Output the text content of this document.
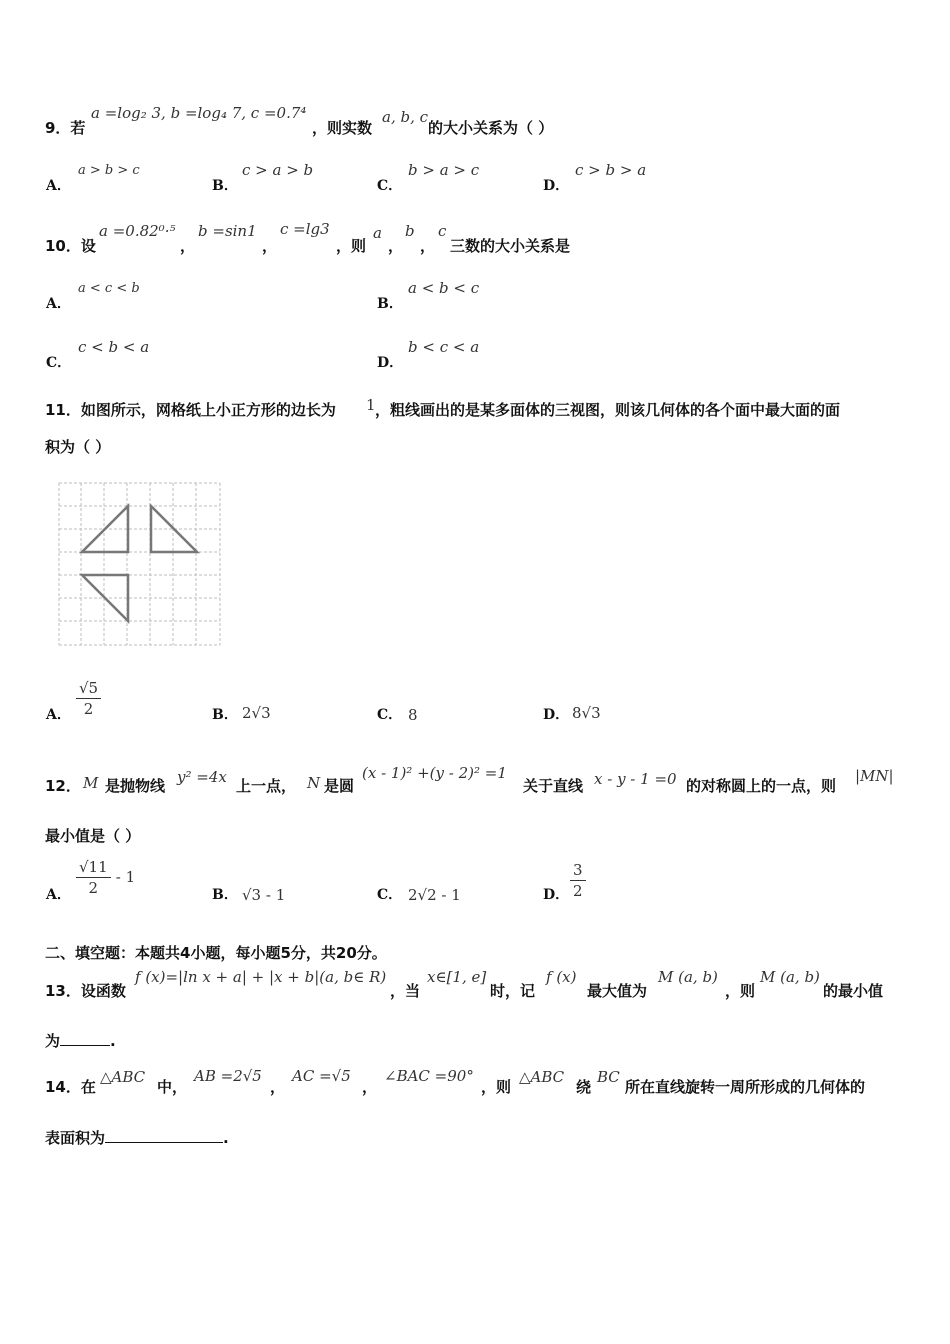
9．若
a =log₂ 3, b =log₄ 7, c =0.7⁴
，则实数
a, b, c
的大小关系为（ ）
A．
a > b > c
B．
c > a > b
C．
b > a > c
D．
c > b > a
10．设
a =0.82⁰·⁵
，
b =sin1
，
c =lg3
，则
a
，
b
，
c
三数的大小关系是
A．
a < c < b
B．
a < b < c
C．
c < b < a
D．
b < c < a
11．如图所示，网格纸上小正方形的边长为 1 ，粗线画出的是某多面体的三视图，则该几何体的各个面中最大面的面
积为（ ）
A． $\frac{√5}{2}$	B． 2√3	C． 8	D． 8√3
12． M 是抛物线 y² =4x 上一点， N 是圆
(x - 1)² +(y - 2)² =1
关于直线 x - y - 1 =0 的对称圆上的一点，则
|MN|
最小值是（ ）
A． $\frac{√11}{2} - 1$
B． √3 - 1	C． 2√2 - 1	D． $\frac{3}{2}$
二、填空题：本题共4小题，每小题5分，共20分。
13．设函数
f (x)=|ln x + a| + |x + b|(a, b∈ R)
，当
x∈[1, e]
时，记
f (x)
最大值为
M (a, b)
，则
M (a, b)
的最小值
为	.
14．在
△ABC
中，
AB =2√5
，
AC =√5
，
∠BAC =90°
，则
△ABC
绕
BC
所在直线旋转一周所形成的几何体的
表面积为	.
